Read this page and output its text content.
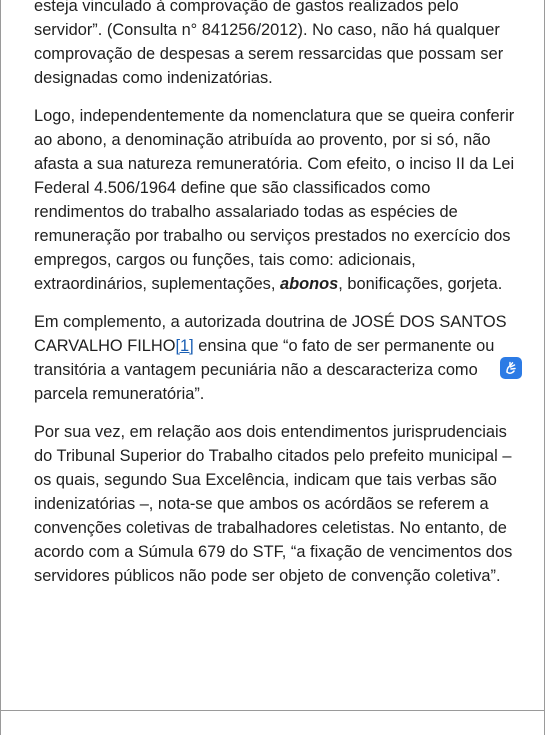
esteja vinculado à comprovação de gastos realizados pelo servidor”. (Consulta n° 841256/2012). No caso, não há qualquer comprovação de despesas a serem ressarcidas que possam ser designadas como indenizatórias.

Logo, independentemente da nomenclatura que se queira conferir ao abono, a denominação atribuída ao provento, por si só, não afasta a sua natureza remuneratória. Com efeito, o inciso II da Lei Federal 4.506/1964 define que são classificados como rendimentos do trabalho assalariado todas as espécies de remuneração por trabalho ou serviços prestados no exercício dos empregos, cargos ou funções, tais como: adicionais, extraordinários, suplementações, abonos, bonificações, gorjeta.

Em complemento, a autorizada doutrina de JOSÉ DOS SANTOS CARVALHO FILHO[1] ensina que “o fato de ser permanente ou transitória a vantagem pecuniária não a descaracteriza como parcela remuneratória”.

Por sua vez, em relação aos dois entendimentos jurisprudenciais do Tribunal Superior do Trabalho citados pelo prefeito municipal – os quais, segundo Sua Excelência, indicam que tais verbas são indenizatórias –, nota-se que ambos os acórdãos se referem a convenções coletivas de trabalhadores celetistas. No entanto, de acordo com a Súmula 679 do STF, “a fixação de vencimentos dos servidores públicos não pode ser objeto de convenção coletiva”.
